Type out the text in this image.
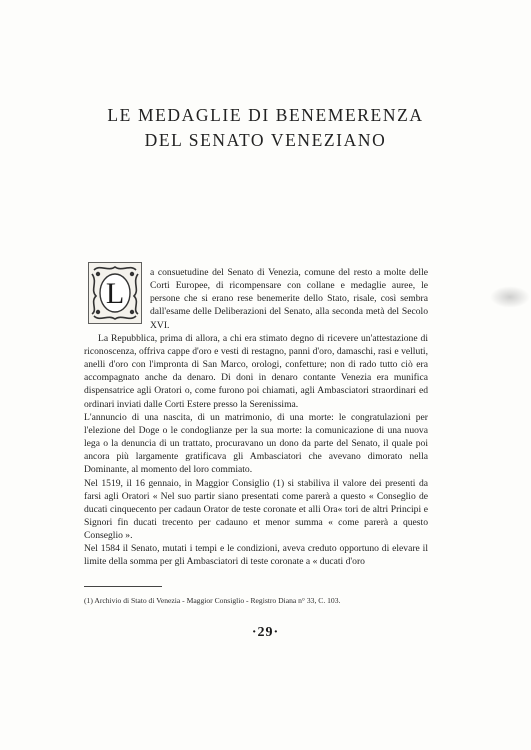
LE MEDAGLIE DI BENEMERENZA
DEL SENATO VENEZIANO
L

a consuetudine del Senato di Venezia, comune del resto a molte delle Corti Europee, di ricompensare con collane e medaglie auree, le persone che si erano rese benemerite dello Stato, risale, così sembra dall'esame delle Deliberazioni del Senato, alla seconda metà del Secolo XVI.

La Repubblica, prima di allora, a chi era stimato degno di ricevere un'attestazione di riconoscenza, offriva cappe d'oro e vesti di restagno, panni d'oro, damaschi, rasi e velluti, anelli d'oro con l'impronta di San Marco, orologi, confetture; non di rado tutto ciò era accompagnato anche da denaro. Di doni in denaro contante Venezia era munifica dispensatrice agli Oratori o, come furono poi chiamati, agli Ambasciatori straordinari ed ordinari inviati dalle Corti Estere presso la Serenissima.

L'annuncio di una nascita, di un matrimonio, di una morte: le congratulazioni per l'elezione del Doge o le condoglianze per la sua morte: la comunicazione di una nuova lega o la denuncia di un trattato, procuravano un dono da parte del Senato, il quale poi ancora più largamente gratificava gli Ambasciatori che avevano dimorato nella Dominante, al momento del loro commiato.

Nel 1519, il 16 gennaio, in Maggior Consiglio (1) si stabiliva il valore dei presenti da farsi agli Oratori « Nel suo partir siano presentati come parerà a questo « Conseglio de ducati cinquecento per cadaun Orator de teste coronate et alli Ora« tori de altri Principi e Signori fin ducati trecento per cadauno et menor summa « come parerà a questo Conseglio ».

Nel 1584 il Senato, mutati i tempi e le condizioni, aveva creduto opportuno di elevare il limite della somma per gli Ambasciatori di teste coronate a « ducati d'oro

(1) Archivio di Stato di Venezia - Maggior Consiglio - Registro Diana n° 33, C. 103.
·29·
